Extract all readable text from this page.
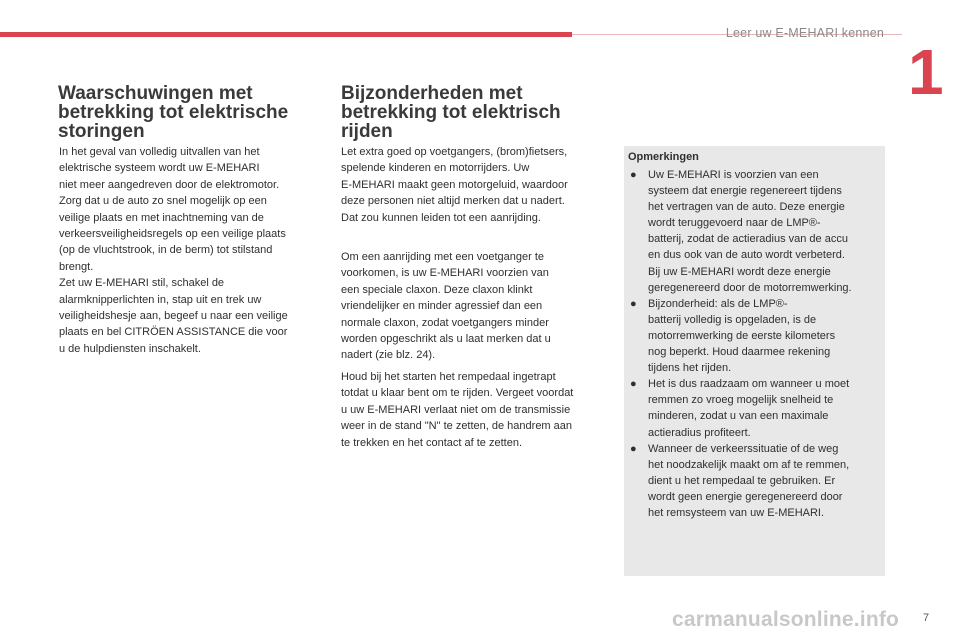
Leer uw E-MEHARI kennen
1
Waarschuwingen met
betrekking tot elektrische
storingen
In het geval van volledig uitvallen van het
elektrische systeem wordt uw E-MEHARI
niet meer aangedreven door de elektromotor.
Zorg dat u de auto zo snel mogelijk op een
veilige plaats en met inachtneming van de
verkeersveiligheidsregels op een veilige plaats
(op de vluchtstrook, in de berm) tot stilstand
brengt.
Zet uw E-MEHARI stil, schakel de
alarmknipperlichten in, stap uit en trek uw
veiligheidshesje aan, begeef u naar een veilige
plaats en bel CITRÖEN ASSISTANCE die voor
u de hulpdiensten inschakelt.
Bijzonderheden met
betrekking tot elektrisch
rijden
Let extra goed op voetgangers, (brom)fietsers,
spelende kinderen en motorrijders. Uw
E-MEHARI maakt geen motorgeluid, waardoor
deze personen niet altijd merken dat u nadert.
Dat zou kunnen leiden tot een aanrijding.
Om een aanrijding met een voetganger te
voorkomen, is uw E-MEHARI voorzien van
een speciale claxon. Deze claxon klinkt
vriendelijker en minder agressief dan een
normale claxon, zodat voetgangers minder
worden opgeschrikt als u laat merken dat u
nadert (zie blz. 24).
Houd bij het starten het rempedaal ingetrapt
totdat u klaar bent om te rijden. Vergeet voordat
u uw E-MEHARI verlaat niet om de transmissie
weer in de stand "N" te zetten, de handrem aan
te trekken en het contact af te zetten.
Opmerkingen
● Uw E-MEHARI is voorzien van een
systeem dat energie regenereert tijdens
het vertragen van de auto. Deze energie
wordt teruggevoerd naar de LMP®-
batterij, zodat de actieradius van de accu
en dus ook van de auto wordt verbeterd.
Bij uw E-MEHARI wordt deze energie
geregenereerd door de motorremwerking.
● Bijzonderheid: als de LMP®-
batterij volledig is opgeladen, is de
motorremwerking de eerste kilometers
nog beperkt. Houd daarmee rekening
tijdens het rijden.
● Het is dus raadzaam om wanneer u moet
remmen zo vroeg mogelijk snelheid te
minderen, zodat u van een maximale
actieradius profiteert.
● Wanneer de verkeerssituatie of de weg
het noodzakelijk maakt om af te remmen,
dient u het rempedaal te gebruiken. Er
wordt geen energie geregenereerd door
het remsysteem van uw E-MEHARI.
carmanualsonline.info 7
